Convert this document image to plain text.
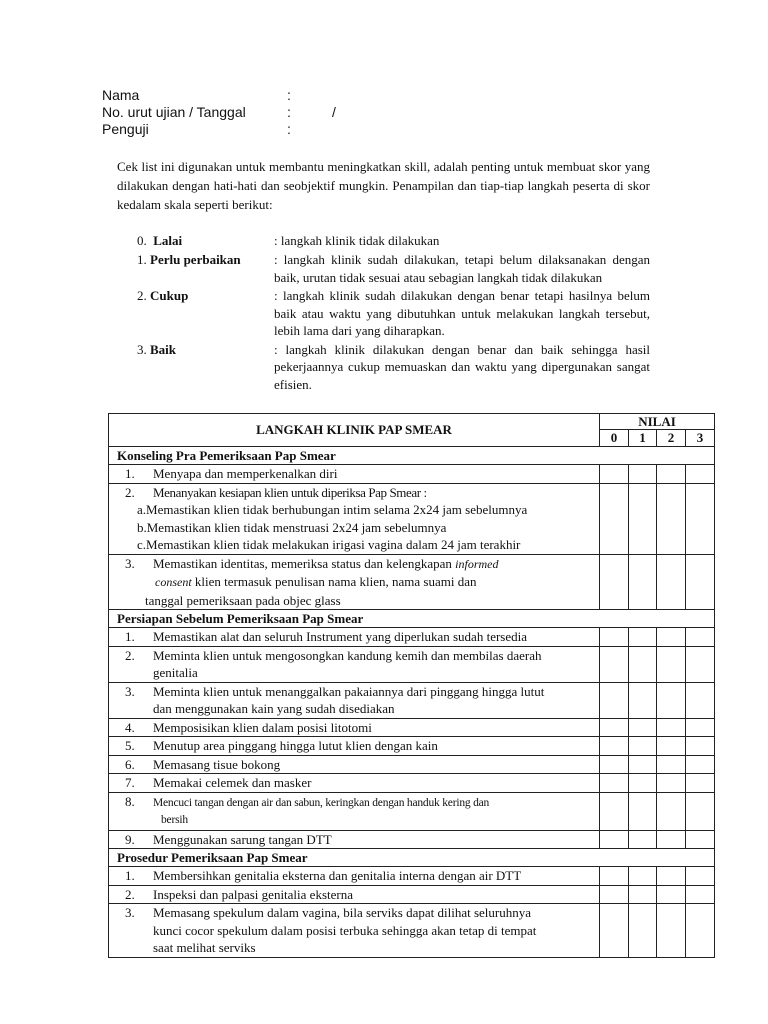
Nama	:
No. urut ujian / Tanggal	:	/
Penguji	:
Cek list ini digunakan untuk membantu meningkatkan skill, adalah penting untuk membuat skor yang dilakukan dengan hati-hati dan seobjektif mungkin. Penampilan dan tiap-tiap langkah peserta di skor kedalam skala seperti berikut:
0. Lalai	: langkah klinik tidak dilakukan
1. Perlu perbaikan	: langkah klinik sudah dilakukan, tetapi belum dilaksanakan dengan baik, urutan tidak sesuai atau sebagian langkah tidak dilakukan
2. Cukup	: langkah klinik sudah dilakukan dengan benar tetapi hasilnya belum baik atau waktu yang dibutuhkan untuk melakukan langkah tersebut, lebih lama dari yang diharapkan.
3. Baik	: langkah klinik dilakukan dengan benar dan baik sehingga hasil pekerjaannya cukup memuaskan dan waktu yang dipergunakan sangat efisien.
LANGKAH KLINIK PAP SMEAR	NILAI			
	0	1	2	3
Konseling Pra Pemeriksaan Pap Smear				
1. Menyapa dan memperkenalkan diri				

2. Menanyakan kesiapan klien untuk diperiksa Pap Smear :
a.Memastikan klien tidak berhubungan intim selama 2x24 jam sebelumnya
b.Memastikan klien tidak menstruasi 2x24 jam sebelumnya
c.Memastikan klien tidak melakukan irigasi vagina dalam 24 jam terakhir				

3. Memastikan identitas, memeriksa status dan kelengkapan informed
consent klien termasuk penulisan nama klien, nama suami dan
tanggal pemeriksaan pada objec glass				

Persiapan Sebelum Pemeriksaan Pap Smear				
1. Memastikan alat dan seluruh Instrument yang diperlukan sudah tersedia				

2. Meminta klien untuk mengosongkan kandung kemih dan membilas daerah
genitalia				

3. Meminta klien untuk menanggalkan pakaiannya dari pinggang hingga lutut
dan menggunakan kain yang sudah disediakan				

4. Memposisikan klien dalam posisi litotomi				
5. Menutup area pinggang hingga lutut klien dengan kain				
6. Memasang tisue bokong				
7. Memakai celemek dan masker				

8. Mencuci tangan dengan air dan sabun, keringkan dengan handuk kering dan
bersih				

9. Menggunakan sarung tangan DTT				
Prosedur Pemeriksaan Pap Smear				
1. Membersihkan genitalia eksterna dan genitalia interna dengan air DTT				
2. Inspeksi dan palpasi genitalia eksterna				

3. Memasang spekulum dalam vagina, bila serviks dapat dilihat seluruhnya
kunci cocor spekulum dalam posisi terbuka sehingga akan tetap di tempat
saat melihat serviks				
